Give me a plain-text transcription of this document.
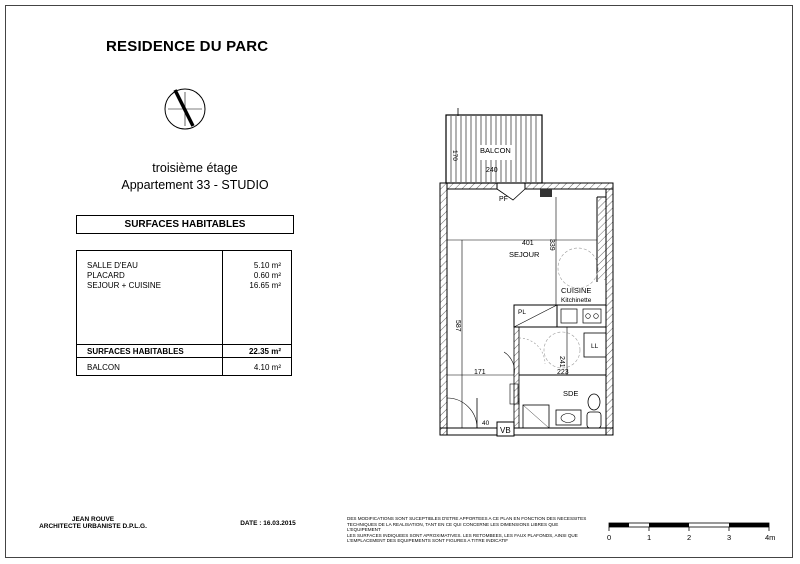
RESIDENCE DU PARC
troisième étage
Appartement 33 - STUDIO
SURFACES HABITABLES
SALLE D'EAU	5.10 m²
PLACARD	0.60 m²
SEJOUR + CUISINE	16.65 m²
SURFACES HABITABLES	22.35 m²
BALCON	4.10 m²
BALCON
170
240
PF
401 339
SEJOUR
CUISINE
Kitchinette
PL
LL
241
223
171
SDE
587
40
VB
JEAN ROUVE
ARCHITECTE URBANISTE D.P.L.G.	DATE : 16.03.2015
DES MODIFICATIONS SONT SUCEPTIBLES D'ETRE APPORTEES A CE PLAN EN FONCTION DES NECESSITES TECHNIQUES DE LA REALISATION, TANT EN CE QUI CONCERNE LES DIMENSIONS LIBRES QUE L'EQUIPEMENT
LES SURFACES INDIQUEES SONT APROXIMATIVES. LES RETOMBEES, LES FAUX PLAFONDS, AINSI QUE L'EMPLACEMENT DES EQUIPEMENTS SONT FIGURES A TITRE INDICATIF	0	1	2	3	4m
